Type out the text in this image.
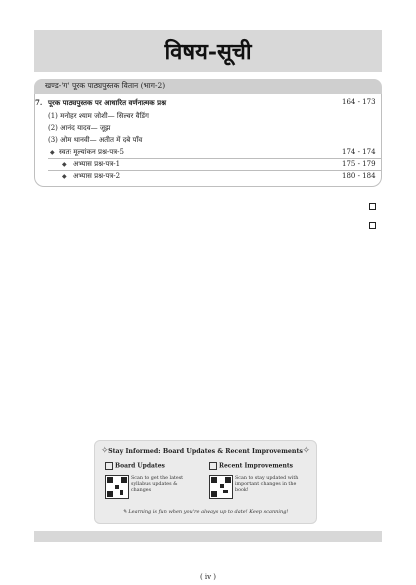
विषय-सूची
खण्ड-'ग' पूरक पाठ्यपुस्तक वितान (भाग-2)
7. पूरक पाठ्यपुस्तक पर आधारित वर्णनात्मक प्रश्न	164 - 173
(1) मनोहर श्याम जोशी— सिल्वर वैडिंग
(2) आनंद यादव— जूझ
(3) ओम थानवी— अतीत में दबे पाँव
◆ स्वतः मूल्यांकन प्रश्न-पत्र-5	174 - 174
◆ अभ्यास प्रश्न-पत्र-1	175 - 179
◆ अभ्यास प्रश्न-पत्र-2	180 - 184
✧ Stay Informed: Board Updates & Recent Improvements ✧
Board Updates	Recent Improvements
Scan to get the latest syllabus updates & changes
Scan to stay updated with important changes in the book!
✎ Learning is fun when you're always up to date! Keep scanning!
( iv )
